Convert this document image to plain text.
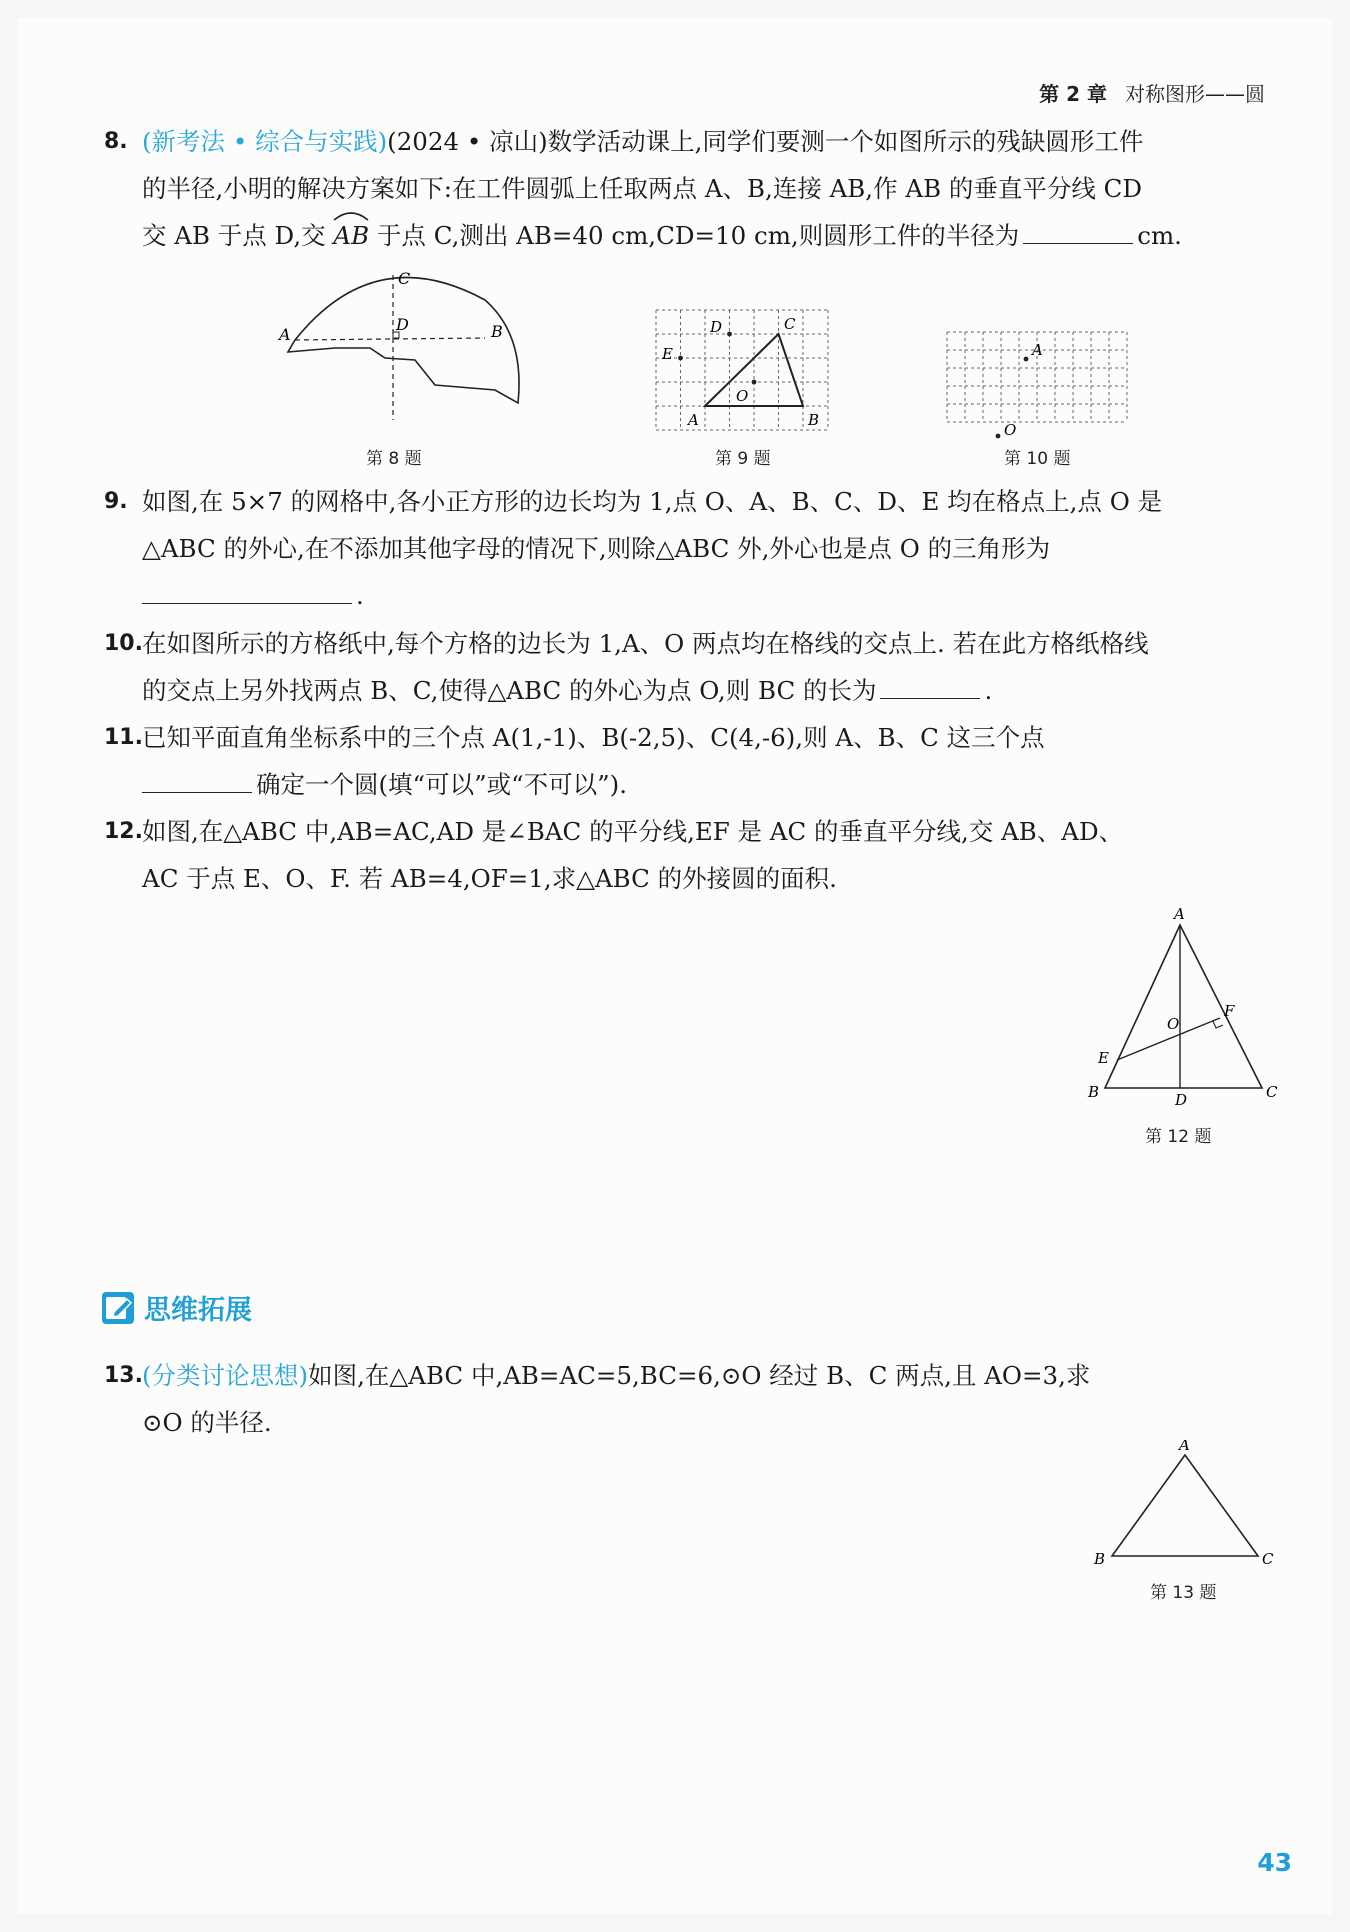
第 2 章 对称图形——圆
8. (新考法 • 综合与实践)(2024 • 凉山)数学活动课上,同学们要测一个如图所示的残缺圆形工件
的半径,小明的解决方案如下:在工件圆弧上任取两点 A、B,连接 AB,作 AB 的垂直平分线 CD
交 AB 于点 D,交 AB 于点 C,测出 AB=40 cm,CD=10 cm,则圆形工件的半径为	cm.
A	B
C
D
第 8 题
D	C
E
O
A	B
第 9 题
A
O
第 10 题
9. 如图,在 5×7 的网格中,各小正方形的边长均为 1,点 O、A、B、C、D、E 均在格点上,点 O 是
△ABC 的外心,在不添加其他字母的情况下,则除△ABC 外,外心也是点 O 的三角形为
.
10. 在如图所示的方格纸中,每个方格的边长为 1,A、O 两点均在格线的交点上. 若在此方格纸格线
的交点上另外找两点 B、C,使得△ABC 的外心为点 O,则 BC 的长为	.
11. 已知平面直角坐标系中的三个点 A(1,-1)、B(-2,5)、C(4,-6),则 A、B、C 这三个点
确定一个圆(填“可以”或“不可以”).
12. 如图,在△ABC 中,AB=AC,AD 是∠BAC 的平分线,EF 是 AC 的垂直平分线,交 AB、AD、
AC 于点 E、O、F. 若 AB=4,OF=1,求△ABC 的外接圆的面积.
A
B	C
D
E
F
O
第 12 题
思维拓展
13. (分类讨论思想)如图,在△ABC 中,AB=AC=5,BC=6,⊙O 经过 B、C 两点,且 AO=3,求
⊙O 的半径.
A
B	C
第 13 题
43
